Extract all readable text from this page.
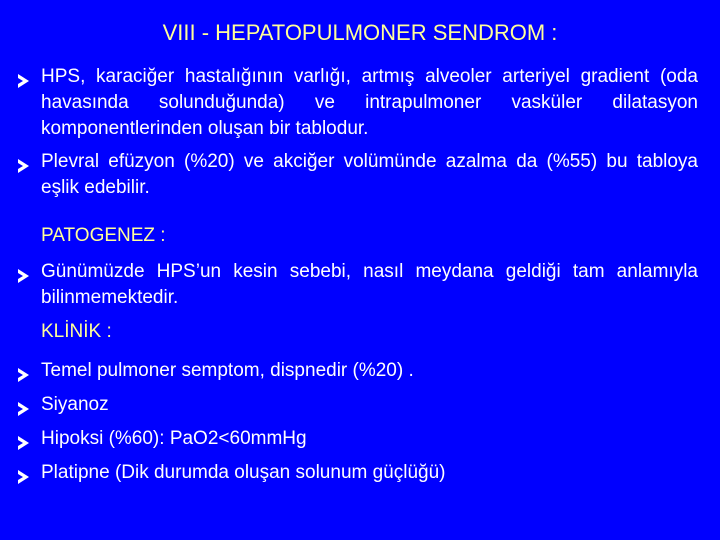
VIII - HEPATOPULMONER SENDROM :
HPS, karaciğer hastalığının varlığı, artmış alveoler arteriyel gradient (oda havasında solunduğunda) ve intrapulmoner vasküler dilatasyon komponentlerinden oluşan bir tablodur.
Plevral efüzyon (%20) ve akciğer volümünde azalma da (%55) bu tabloya eşlik edebilir.
PATOGENEZ :
Günümüzde HPS’un kesin sebebi, nasıl meydana geldiği tam anlamıyla bilinmemektedir.
KLİNİK :
Temel pulmoner semptom, dispnedir (%20) .
Siyanoz
Hipoksi (%60): PaO2<60mmHg
Platipne (Dik durumda oluşan solunum güçlüğü)
